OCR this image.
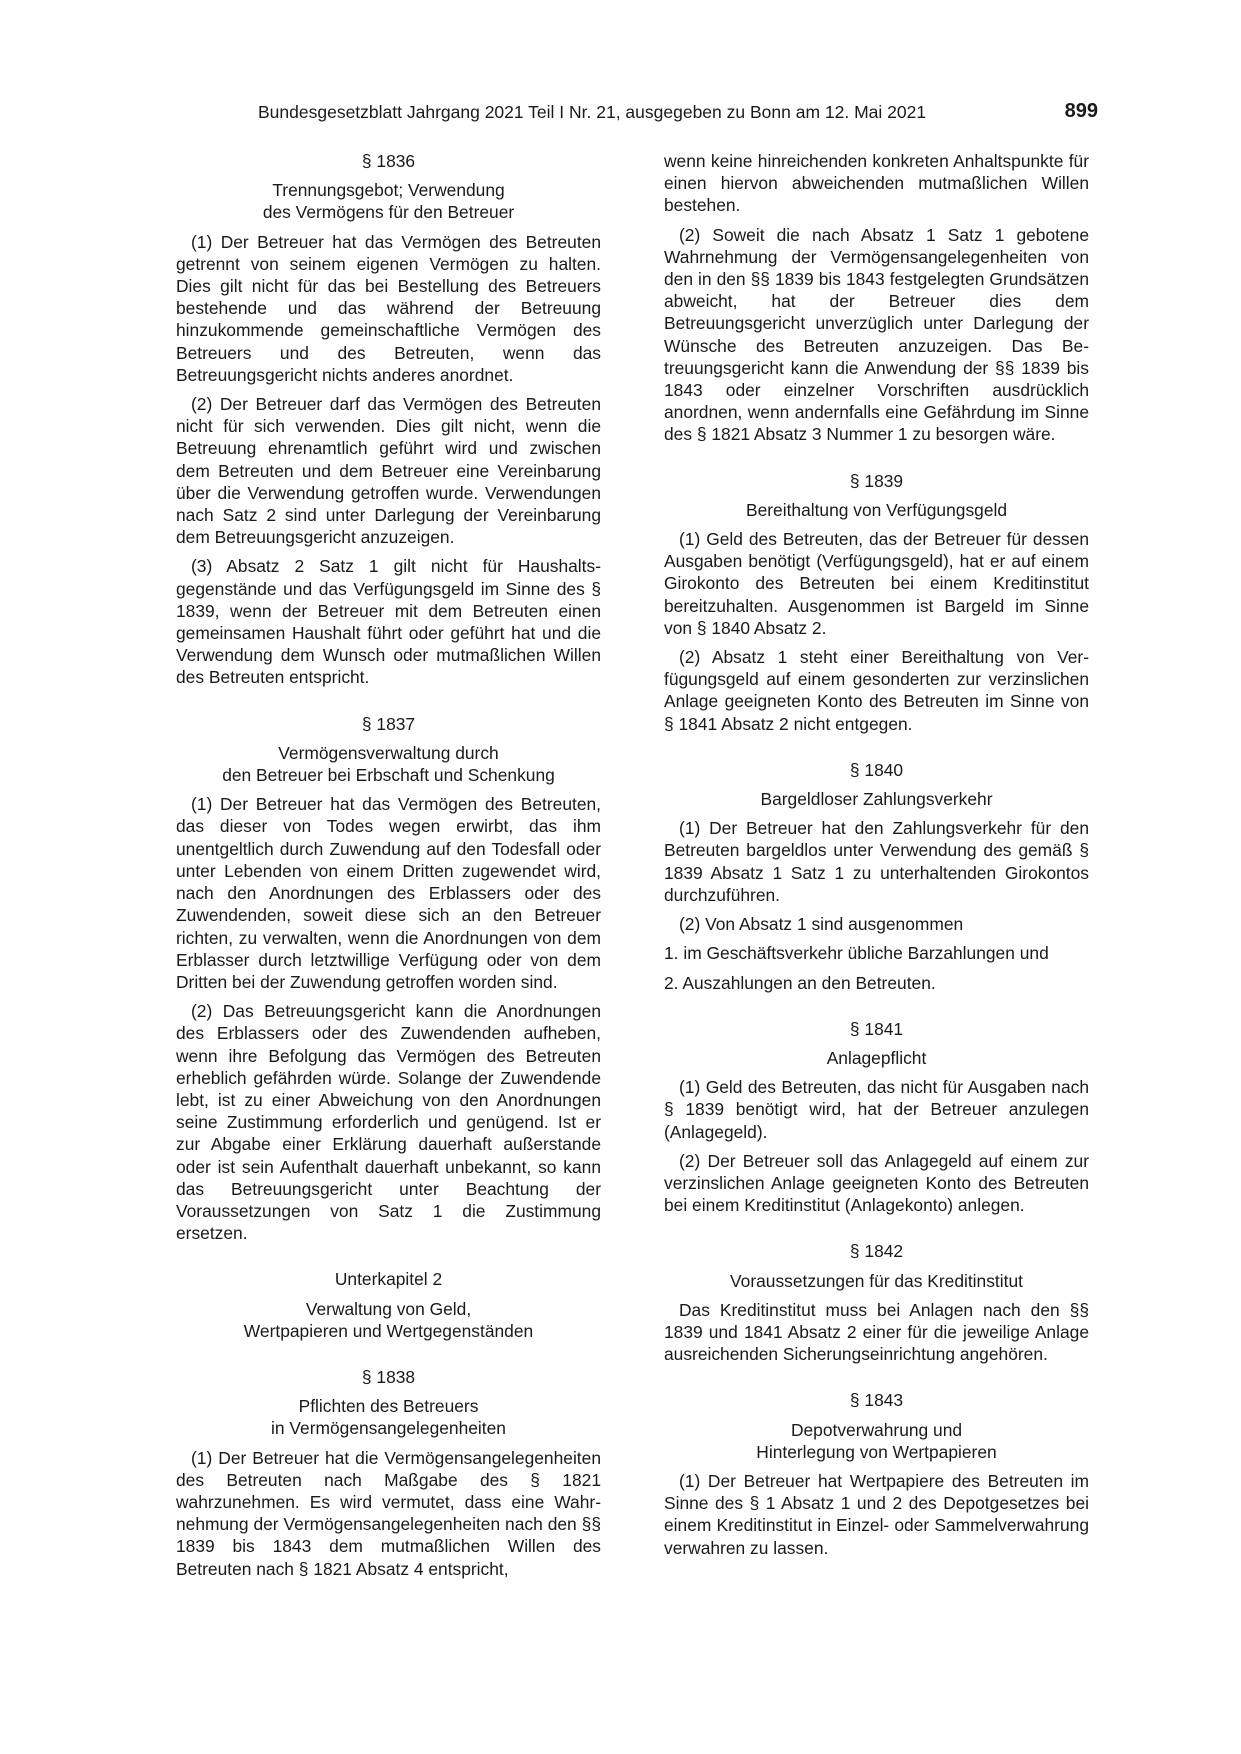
Bundesgesetzblatt Jahrgang 2021 Teil I Nr. 21, ausgegeben zu Bonn am 12. Mai 2021	899
§ 1836
Trennungsgebot; Verwendung
des Vermögens für den Betreuer

(1) Der Betreuer hat das Vermögen des Betreuten getrennt von seinem eigenen Vermögen zu halten. Dies gilt nicht für das bei Bestellung des Betreuers bestehende und das während der Betreuung hinzukommende gemeinschaftliche Vermögen des Betreuers und des Betreuten, wenn das Betreuungsgericht nichts anderes anordnet.

(2) Der Betreuer darf das Vermögen des Betreuten nicht für sich verwenden. Dies gilt nicht, wenn die Betreuung ehrenamtlich geführt wird und zwischen dem Betreuten und dem Betreuer eine Vereinbarung über die Verwendung getroffen wurde. Verwendungen nach Satz 2 sind unter Darlegung der Vereinbarung dem Betreuungsgericht anzuzeigen.

(3) Absatz 2 Satz 1 gilt nicht für Haushaltsgegenstände und das Verfügungsgeld im Sinne des § 1839, wenn der Betreuer mit dem Betreuten einen gemeinsamen Haushalt führt oder geführt hat und die Verwendung dem Wunsch oder mutmaßlichen Willen des Betreuten entspricht.

§ 1837
Vermögensverwaltung durch
den Betreuer bei Erbschaft und Schenkung

(1) Der Betreuer hat das Vermögen des Betreuten, das dieser von Todes wegen erwirbt, das ihm unentgeltlich durch Zuwendung auf den Todesfall oder unter Lebenden von einem Dritten zugewendet wird, nach den Anordnungen des Erblassers oder des Zuwendenden, soweit diese sich an den Betreuer richten, zu verwalten, wenn die Anordnungen von dem Erblasser durch letztwillige Verfügung oder von dem Dritten bei der Zuwendung getroffen worden sind.

(2) Das Betreuungsgericht kann die Anordnungen des Erblassers oder des Zuwendenden aufheben, wenn ihre Befolgung das Vermögen des Betreuten erheblich gefährden würde. Solange der Zuwendende lebt, ist zu einer Abweichung von den Anordnungen seine Zustimmung erforderlich und genügend. Ist er zur Abgabe einer Erklärung dauerhaft außerstande oder ist sein Aufenthalt dauerhaft unbekannt, so kann das Betreuungsgericht unter Beachtung der Voraussetzungen von Satz 1 die Zustimmung ersetzen.

Unterkapitel 2
Verwaltung von Geld,
Wertpapieren und Wertgegenständen
§ 1838
Pflichten des Betreuers
in Vermögensangelegenheiten

(1) Der Betreuer hat die Vermögensangelegenheiten des Betreuten nach Maßgabe des § 1821 wahrzunehmen. Es wird vermutet, dass eine Wahrnehmung der Vermögensangelegenheiten nach den §§ 1839 bis 1843 dem mutmaßlichen Willen des Betreuten nach § 1821 Absatz 4 entspricht,

wenn keine hinreichenden konkreten Anhaltspunkte für einen hiervon abweichenden mutmaßlichen Willen bestehen.

(2) Soweit die nach Absatz 1 Satz 1 gebotene Wahrnehmung der Vermögensangelegenheiten von den in den §§ 1839 bis 1843 festgelegten Grundsätzen abweicht, hat der Betreuer dies dem Betreuungsgericht unverzüglich unter Darlegung der Wünsche des Betreuten anzuzeigen. Das Betreuungsgericht kann die Anwendung der §§ 1839 bis 1843 oder einzelner Vorschriften ausdrücklich anordnen, wenn andernfalls eine Gefährdung im Sinne des § 1821 Absatz 3 Nummer 1 zu besorgen wäre.

§ 1839
Bereithaltung von Verfügungsgeld

(1) Geld des Betreuten, das der Betreuer für dessen Ausgaben benötigt (Verfügungsgeld), hat er auf einem Girokonto des Betreuten bei einem Kreditinstitut bereitzuhalten. Ausgenommen ist Bargeld im Sinne von § 1840 Absatz 2.

(2) Absatz 1 steht einer Bereithaltung von Verfügungsgeld auf einem gesonderten zur verzinslichen Anlage geeigneten Konto des Betreuten im Sinne von § 1841 Absatz 2 nicht entgegen.

§ 1840
Bargeldloser Zahlungsverkehr

(1) Der Betreuer hat den Zahlungsverkehr für den Betreuten bargeldlos unter Verwendung des gemäß § 1839 Absatz 1 Satz 1 zu unterhaltenden Girokontos durchzuführen.

(2) Von Absatz 1 sind ausgenommen

1. im Geschäftsverkehr übliche Barzahlungen und

2. Auszahlungen an den Betreuten.

§ 1841
Anlagepflicht

(1) Geld des Betreuten, das nicht für Ausgaben nach § 1839 benötigt wird, hat der Betreuer anzulegen (Anlagegeld).

(2) Der Betreuer soll das Anlagegeld auf einem zur verzinslichen Anlage geeigneten Konto des Betreuten bei einem Kreditinstitut (Anlagekonto) anlegen.

§ 1842
Voraussetzungen für das Kreditinstitut

Das Kreditinstitut muss bei Anlagen nach den §§ 1839 und 1841 Absatz 2 einer für die jeweilige Anlage ausreichenden Sicherungseinrichtung angehören.

§ 1843
Depotverwahrung und
Hinterlegung von Wertpapieren

(1) Der Betreuer hat Wertpapiere des Betreuten im Sinne des § 1 Absatz 1 und 2 des Depotgesetzes bei einem Kreditinstitut in Einzel- oder Sammelverwahrung verwahren zu lassen.
